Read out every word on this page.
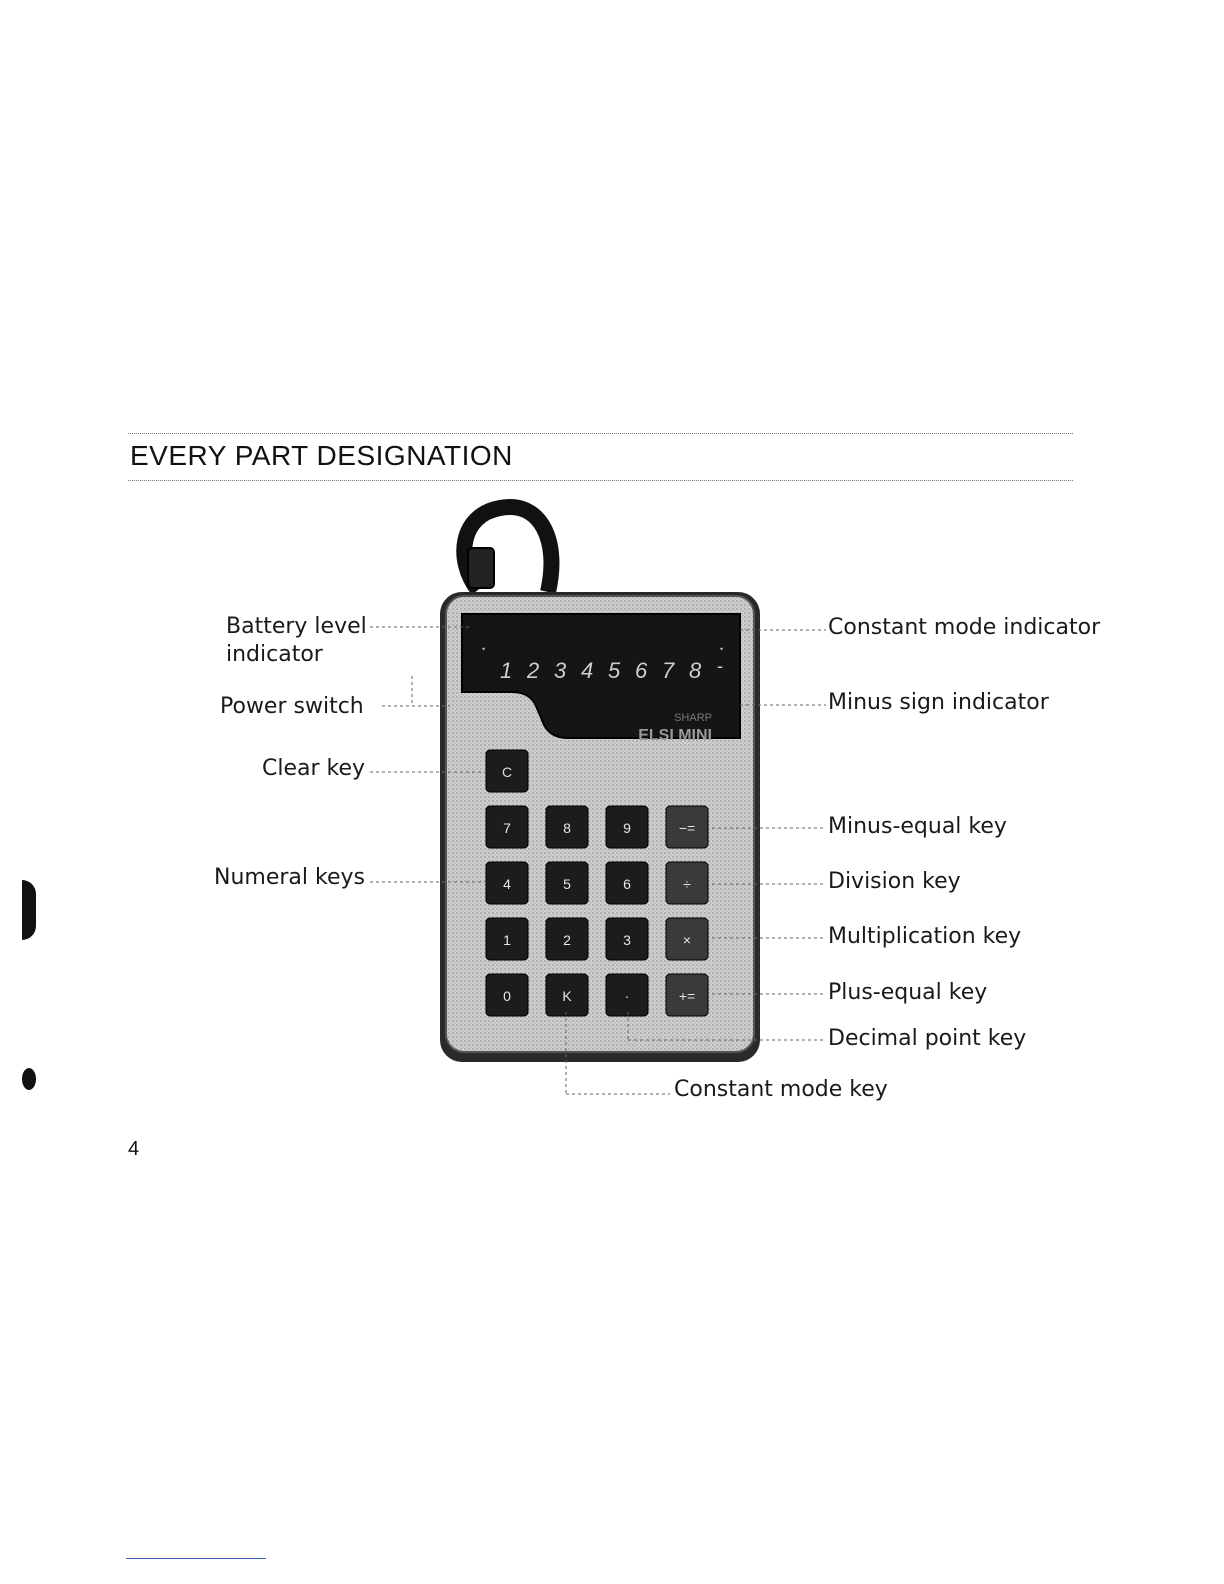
EVERY PART DESIGNATION
•	•
1 2 3 4 5 6 7 8 -
SHARP
ELSI MINI
C
7	8	9	−=
4	5	6	÷
1	2	3	×
0	K	·	+=
Battery level
indicator
Power switch
Clear key
Numeral keys
Constant mode indicator
Minus sign indicator
Minus-equal key
Division key
Multiplication key
Plus-equal key
Decimal point key
Constant mode key
4
